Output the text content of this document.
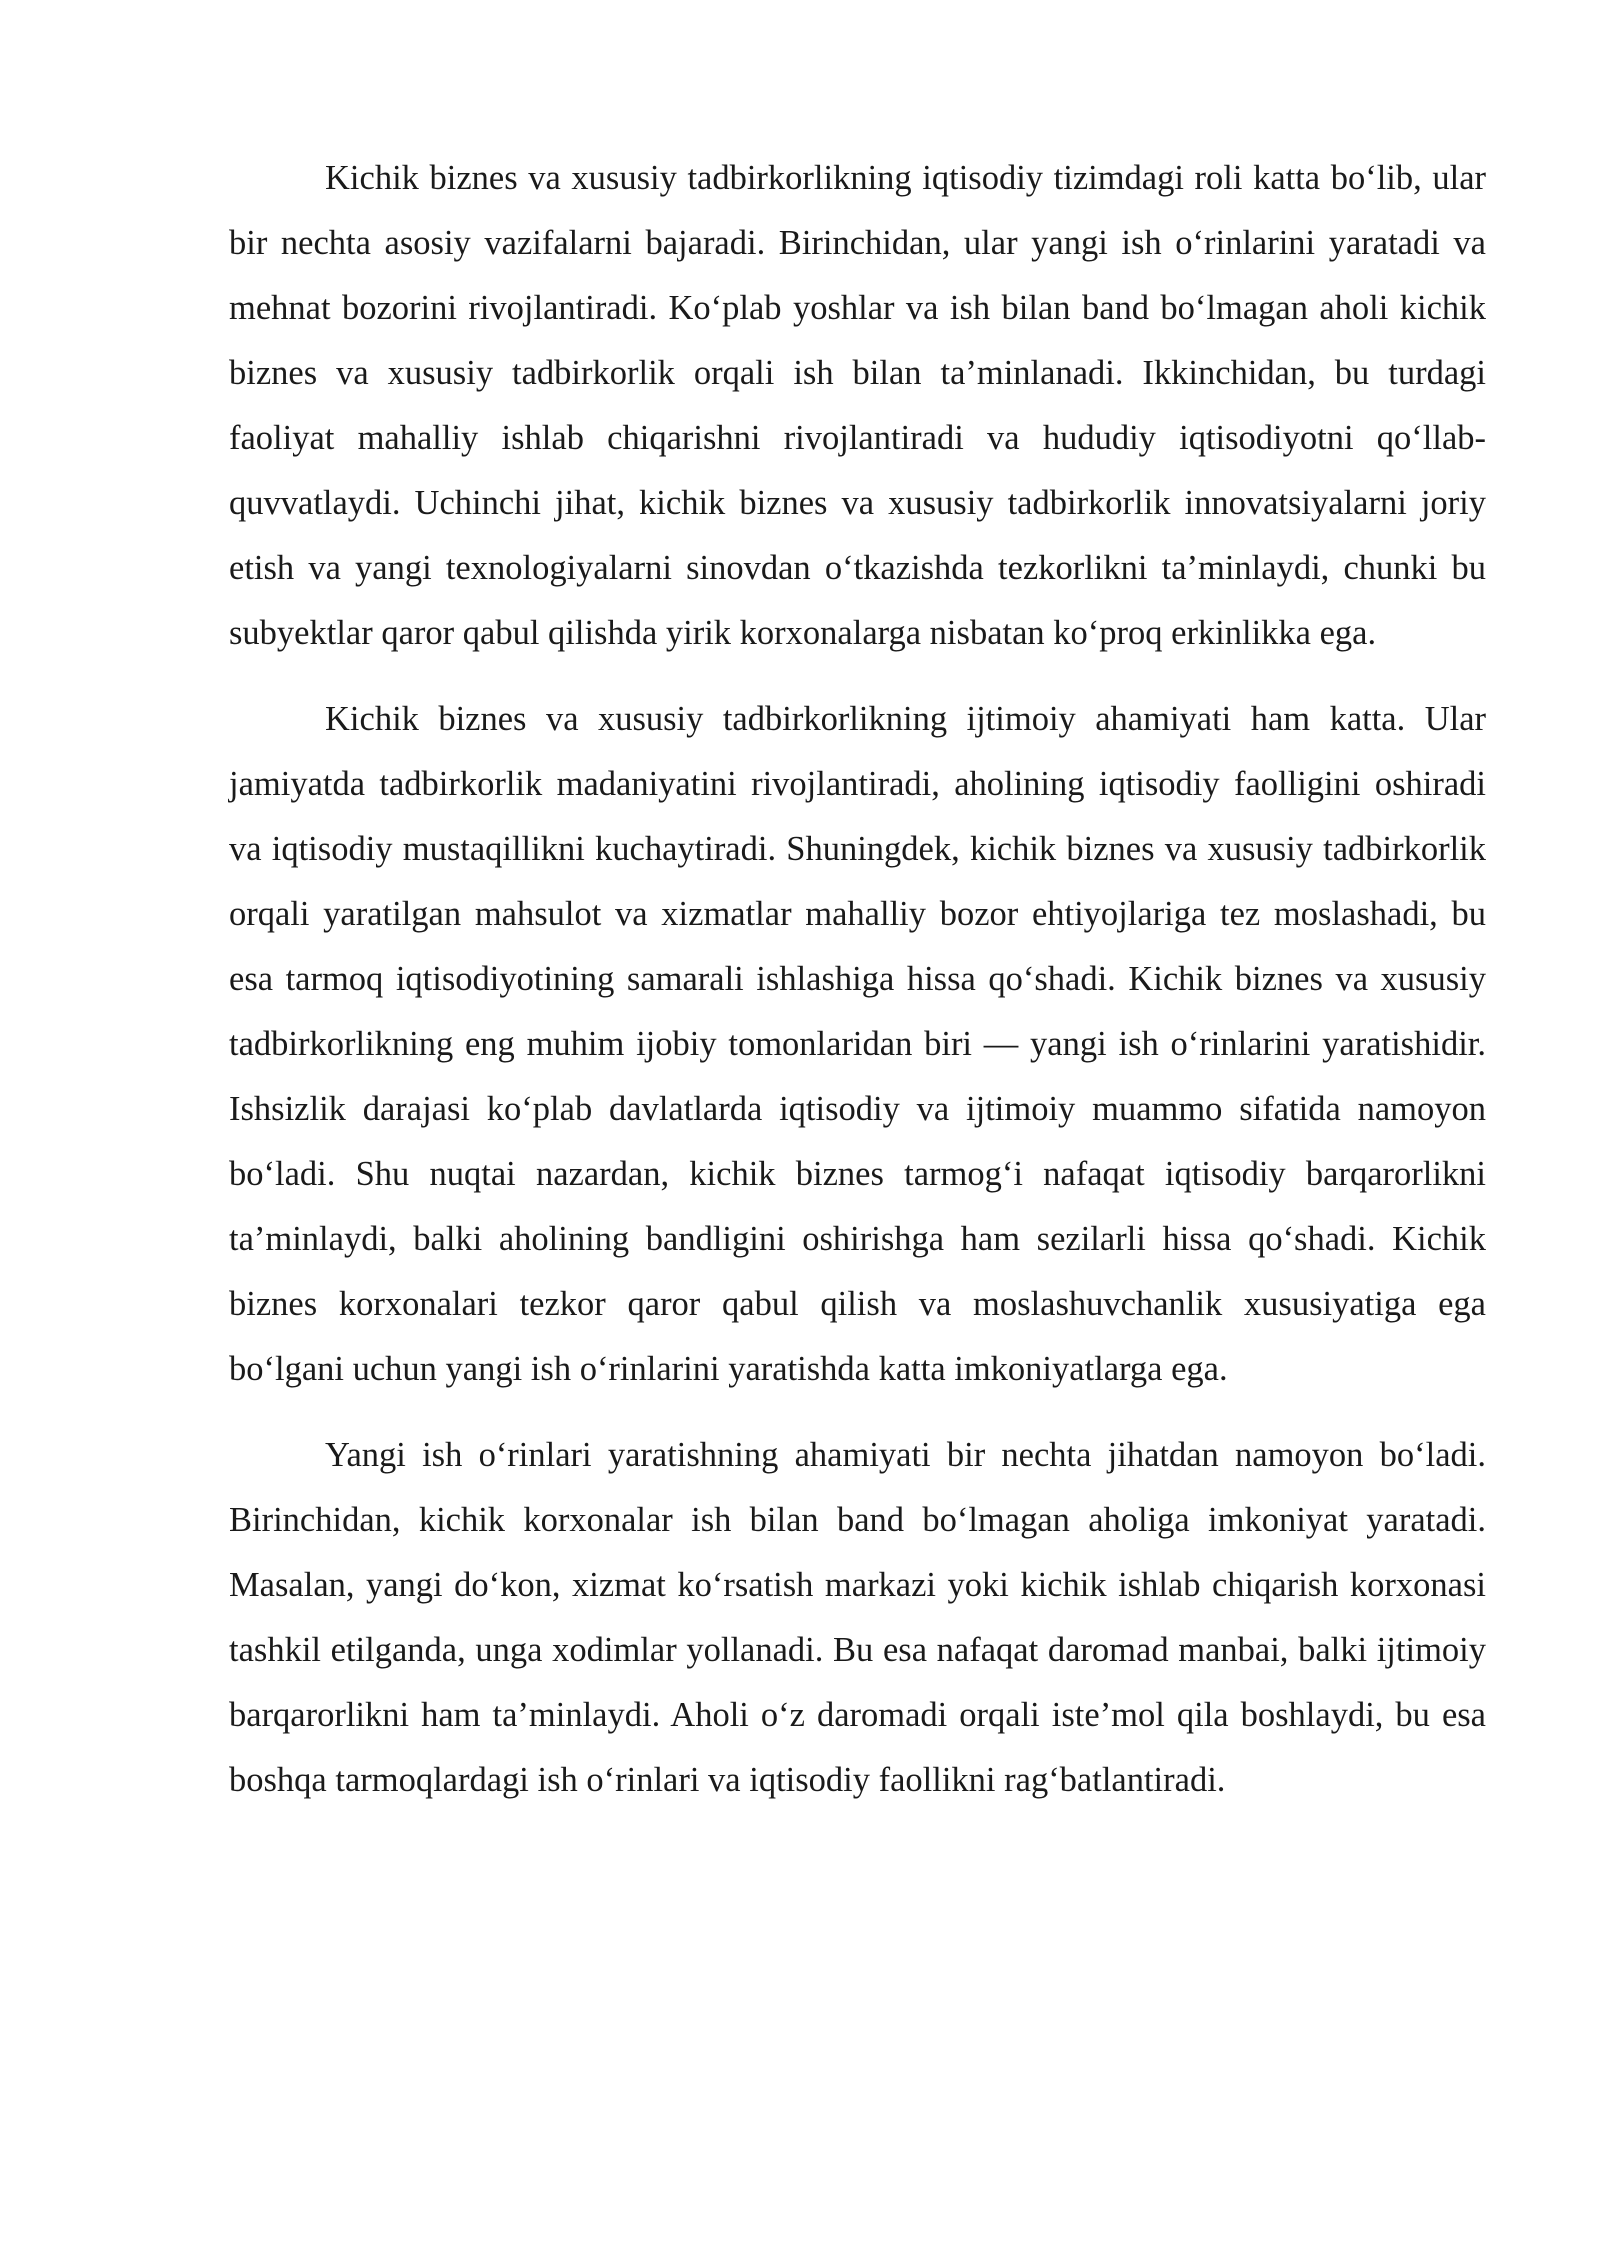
Kichik biznes va xususiy tadbirkorlikning iqtisodiy tizimdagi roli katta bo‘lib, ular bir nechta asosiy vazifalarni bajaradi. Birinchidan, ular yangi ish o‘rinlarini yaratadi va mehnat bozorini rivojlantiradi. Ko‘plab yoshlar va ish bilan band bo‘lmagan aholi kichik biznes va xususiy tadbirkorlik orqali ish bilan ta’minlanadi. Ikkinchidan, bu turdagi faoliyat mahalliy ishlab chiqarishni rivojlantiradi va hududiy iqtisodiyotni qo‘llab-quvvatlaydi. Uchinchi jihat, kichik biznes va xususiy tadbirkorlik innovatsiyalarni joriy etish va yangi texnologiyalarni sinovdan o‘tkazishda tezkorlikni ta’minlaydi, chunki bu subyektlar qaror qabul qilishda yirik korxonalarga nisbatan ko‘proq erkinlikka ega.

Kichik biznes va xususiy tadbirkorlikning ijtimoiy ahamiyati ham katta. Ular jamiyatda tadbirkorlik madaniyatini rivojlantiradi, aholining iqtisodiy faolligini oshiradi va iqtisodiy mustaqillikni kuchaytiradi. Shuningdek, kichik biznes va xususiy tadbirkorlik orqali yaratilgan mahsulot va xizmatlar mahalliy bozor ehtiyojlariga tez moslashadi, bu esa tarmoq iqtisodiyotining samarali ishlashiga hissa qo‘shadi. Kichik biznes va xususiy tadbirkorlikning eng muhim ijobiy tomonlaridan biri — yangi ish o‘rinlarini yaratishidir. Ishsizlik darajasi ko‘plab davlatlarda iqtisodiy va ijtimoiy muammo sifatida namoyon bo‘ladi. Shu nuqtai nazardan, kichik biznes tarmog‘i nafaqat iqtisodiy barqarorlikni ta’minlaydi, balki aholining bandligini oshirishga ham sezilarli hissa qo‘shadi. Kichik biznes korxonalari tezkor qaror qabul qilish va moslashuvchanlik xususiyatiga ega bo‘lgani uchun yangi ish o‘rinlarini yaratishda katta imkoniyatlarga ega.

Yangi ish o‘rinlari yaratishning ahamiyati bir nechta jihatdan namoyon bo‘ladi. Birinchidan, kichik korxonalar ish bilan band bo‘lmagan aholiga imkoniyat yaratadi. Masalan, yangi do‘kon, xizmat ko‘rsatish markazi yoki kichik ishlab chiqarish korxonasi tashkil etilganda, unga xodimlar yollanadi. Bu esa nafaqat daromad manbai, balki ijtimoiy barqarorlikni ham ta’minlaydi. Aholi o‘z daromadi orqali iste’mol qila boshlaydi, bu esa boshqa tarmoqlardagi ish o‘rinlari va iqtisodiy faollikni rag‘batlantiradi.
